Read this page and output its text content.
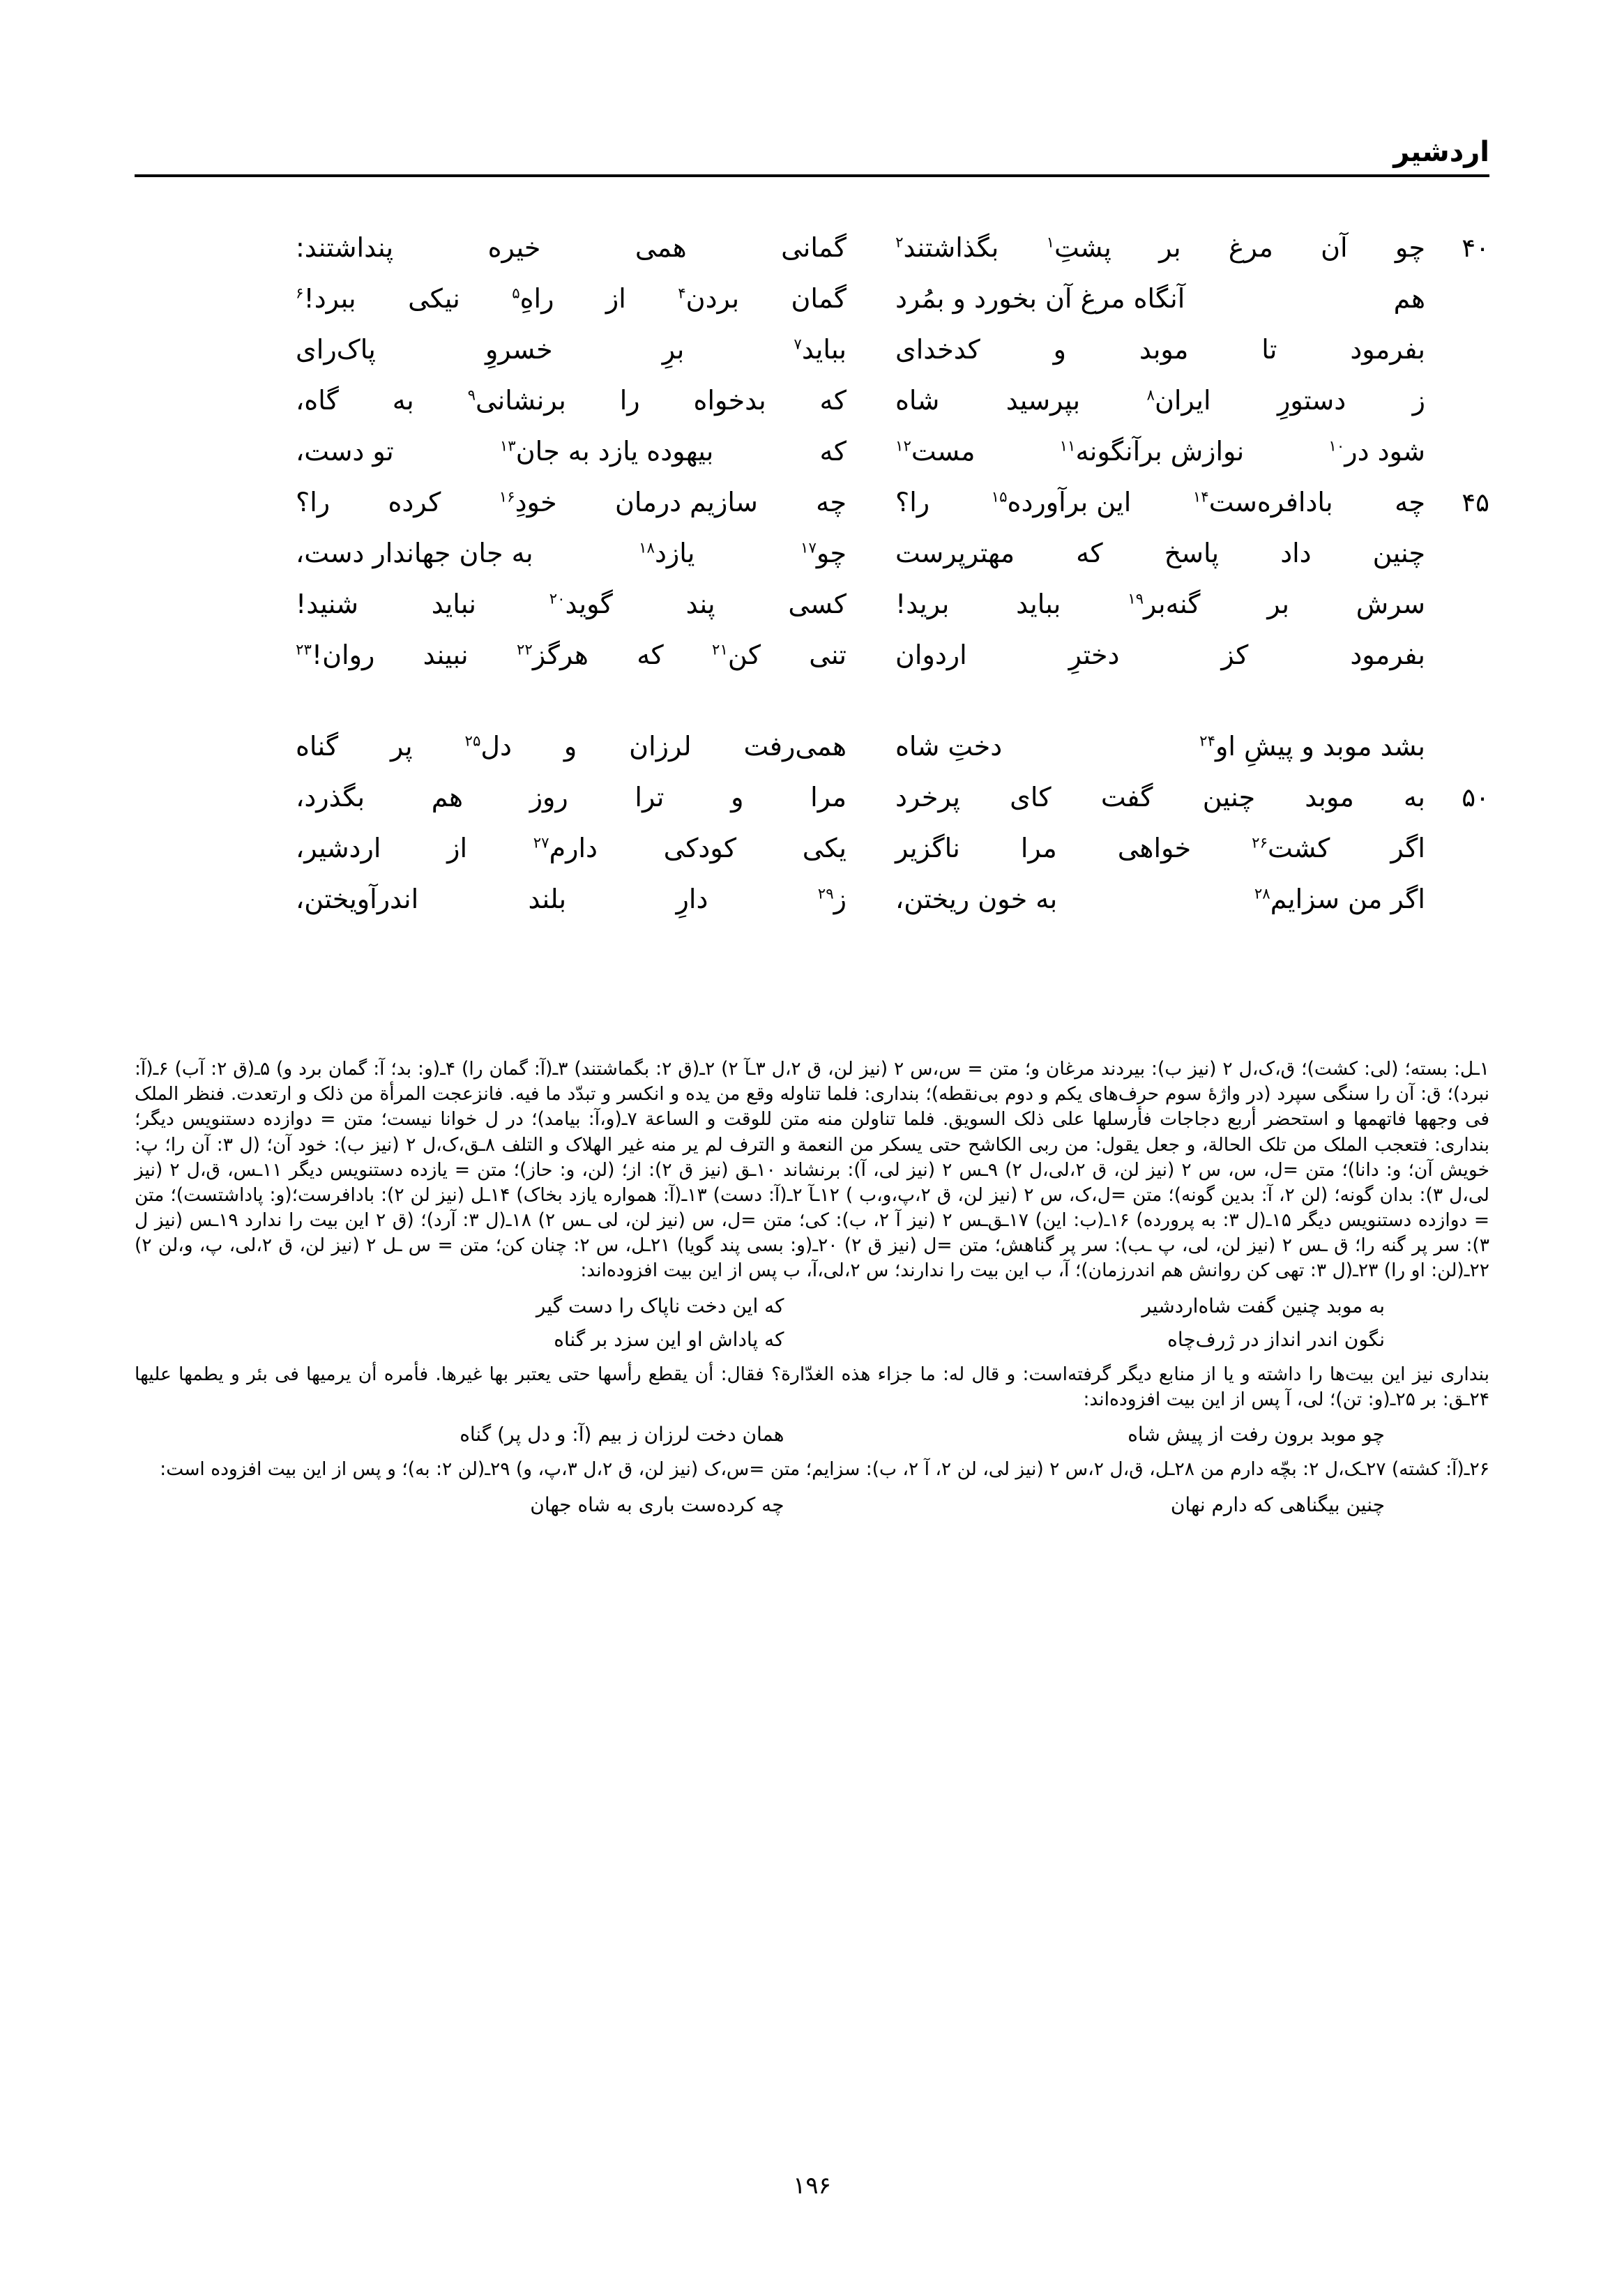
اردشیر
۴۰
چو
آن
مرغ
بر
پشتِ$^۱$
بگذاشتند$^۲$
گمانی
همی
خیره
پنداشتند:
هم
آنگاه مرغ آن بخورد و بمُرد
گمان
بردن$^۴$
از
راهِ$^۵$
نیکی
ببرد!$^۶$
بفرمود
تا
موبد
و
کدخدای
بباید$^۷$
برِ
خسروِ
پاک‌رای
ز
دستورِ
ایران$^۸$
بپرسید
شاه
که
بدخواه
را
برنشانی$^۹$
به
گاه،
شود در$^{۱۰}$
نوازش برآنگونه$^{۱۱}$
مست$^{۱۲}$
که
بیهوده یازد به جان$^{۱۳}$
تو دست،
۴۵
چه
بادافره‌ست$^{۱۴}$
این برآورده$^{۱۵}$
را؟
چه
سازیم درمان
خودِ$^{۱۶}$
کرده
را؟
چنین
داد
پاسخ
که
مهترپرست
چو$^{۱۷}$
یازد$^{۱۸}$
به جان جهاندار دست،
سرش
بر
گنه‌بر$^{۱۹}$
بباید
برید!
کسی
پند
گوید$^{۲۰}$
نباید
شنید!
بفرمود
کز
دخترِ
اردوان
تنی
کن$^{۲۱}$
که
هرگز$^{۲۲}$
نبیند
روان!$^{۲۳}$
بشد موبد و پیشِ او$^{۲۴}$
دختِ شاه
همی‌رفت
لرزان
و
دل$^{۲۵}$
پر
گناه
۵۰
به
موبد
چنین
گفت
کای
پرخرد
مرا
و
ترا
روز
هم
بگذرد،
اگر
کشت$^{۲۶}$
خواهی
مرا
ناگزیر
یکی
کودکی
دارم$^{۲۷}$
از
اردشیر،
اگر من سزایم$^{۲۸}$
به خون ریختن،
ز$^{۲۹}$
دارِ
بلند
اندرآویختن،

۱ـل: بسته؛ (لی: کشت)؛ ق،ک،ل ۲ (نیز ب): بیردند مرغان و؛ متن = س،س ۲ (نیز لن، ق ۲،ل ۳ـآ ۲) ۲ـ(ق ۲: بگماشتند) ۳ـ(آ: گمان را) ۴ـ(و: بد؛ آ: گمان برد و) ۵ـ(ق ۲: آب) ۶ـ(آ: نبرد)؛ ق: آن را سنگی سپرد (در واژهٔ سوم حرف‌های یکم و دوم بی‌نقطه)؛ بنداری: فلما تناوله وقع من یده و انکسر و تبدّد ما فیه. فانزعجت المرأة من ذلک و ارتعدت. فنظر الملک فی وجهها فاتهمها و استحضر أربع دجاجات فأرسلها علی ذلک السویق. فلما تناولن منه متن للوقت و الساعة ۷ـ(و،آ: بیامد)؛ در ل خوانا نیست؛ متن = دوازده دستنویس دیگر؛ بنداری: فتعجب الملک من تلک الحالة، و جعل یقول: من ربی الکاشح حتی یسکر من النعمة و الترف لم یر منه غیر الهلاک و التلف ۸ـق،ک،ل ۲ (نیز ب): خود آن؛ (ل ۳: آن را؛ پ: خویش آن؛ و: دانا)؛ متن =ل، س، س ۲ (نیز لن، ق ۲،لی،ل ۲) ۹ـس ۲ (نیز لی، آ): برنشاند ۱۰ـق (نیز ق ۲): از؛ (لن، و: حاز)؛ متن = یازده دستنویس دیگر ۱۱ـس، ق،ل ۲ (نیز لی،ل ۳): بدان گونه؛ (لن ۲، آ: بدین گونه)؛ متن =ل،ک، س ۲ (نیز لن، ق ۲،پ،و،ب ) ۱۲ـآ ۲ـ(آ: دست) ۱۳ـ(آ: همواره یازد بخاک) ۱۴ـل (نیز لن ۲): بادافرست؛(و: پاداشتست)؛ متن = دوازده دستنویس دیگر ۱۵ـ(ل ۳: به پرورده) ۱۶ـ(ب: این) ۱۷ـق‌ـس ۲ (نیز آ ۲، ب): کی؛ متن =ل، س (نیز لن، لی ـس ۲) ۱۸ـ(ل ۳: آرد)؛ (ق ۲ این بیت را ندارد ۱۹ـس (نیز ل ۳): سر پر گنه را؛ ق ـس ۲ (نیز لن، لی، پ ـب): سر پر گناهش؛ متن =ل (نیز ق ۲) ۲۰ـ(و: بسی پند گویا) ۲۱ـل، س ۲: چنان کن؛ متن = س ـل ۲ (نیز لن، ق ۲،لی، پ، و،لن ۲) ۲۲ـ(لن: او را) ۲۳ـ(ل ۳: تهی کن روانش هم اندرزمان)؛ آ، ب این بیت را ندارند؛ س ۲،لی،آ، ب پس از این بیت افزوده‌اند:

به موبد چنین گفت شاه‌اردشیر
که این دخت ناپاک را دست گیر
نگون اندر انداز در ژرف‌چاه
که پاداش او این سزد بر گناه

بنداری نیز این بیت‌ها را داشته و یا از منابع دیگر گرفته‌است: و قال له: ما جزاء هذه الغدّارة؟ فقال: أن یقطع رأسها حتی یعتبر بها غیرها. فأمره أن یرمیها فی بئر و یطمها علیها ۲۴ـق: بر ۲۵ـ(و: تن)؛ لی، آ پس از این بیت افزوده‌اند:

چو موبد برون رفت از پیش شاه
همان دخت لرزان ز بیم (آ: و دل پر) گناه

۲۶ـ(آ: کشته) ۲۷ـک،ل ۲: بچّه دارم من ۲۸ـل، ق،ل ۲،س ۲ (نیز لی، لن ۲، آ ۲، ب): سزایم؛ متن =س،ک (نیز لن، ق ۲،ل ۳،پ، و) ۲۹ـ(لن ۲: به)؛ و پس از این بیت افزوده است:

چنین بیگناهی که دارم نهان
چه کرده‌ست باری به شاه جهان
۱۹۶
